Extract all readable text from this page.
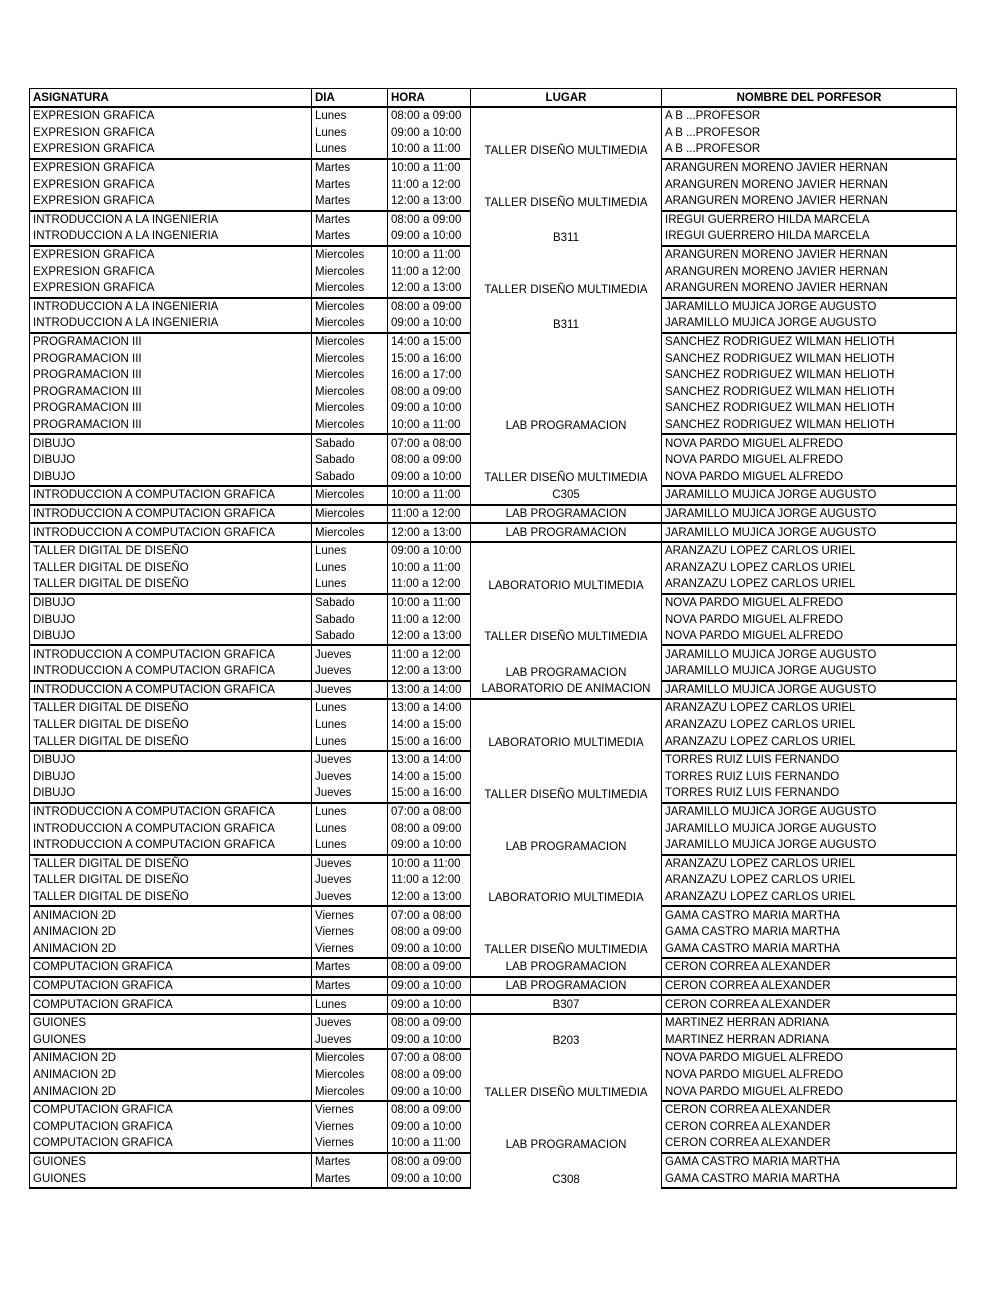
ASIGNATURA	DIA	HORA	LUGAR	NOMBRE DEL PORFESOR
EXPRESION GRAFICA	Lunes	08:00 a 09:00	TALLER DISEÑO MULTIMEDIA	A B ...PROFESOR
EXPRESION GRAFICA	Lunes	09:00 a 10:00		A B ...PROFESOR
EXPRESION GRAFICA	Lunes	10:00 a 11:00		A B ...PROFESOR
EXPRESION GRAFICA	Martes	10:00 a 11:00	TALLER DISEÑO MULTIMEDIA	ARANGUREN MORENO JAVIER HERNAN
EXPRESION GRAFICA	Martes	11:00 a 12:00		ARANGUREN MORENO JAVIER HERNAN
EXPRESION GRAFICA	Martes	12:00 a 13:00		ARANGUREN MORENO JAVIER HERNAN
INTRODUCCION A LA INGENIERIA	Martes	08:00 a 09:00	B311	IREGUI GUERRERO HILDA MARCELA
INTRODUCCION A LA INGENIERIA	Martes	09:00 a 10:00		IREGUI GUERRERO HILDA MARCELA
EXPRESION GRAFICA	Miercoles	10:00 a 11:00	TALLER DISEÑO MULTIMEDIA	ARANGUREN MORENO JAVIER HERNAN
EXPRESION GRAFICA	Miercoles	11:00 a 12:00		ARANGUREN MORENO JAVIER HERNAN
EXPRESION GRAFICA	Miercoles	12:00 a 13:00		ARANGUREN MORENO JAVIER HERNAN
INTRODUCCION A LA INGENIERIA	Miercoles	08:00 a 09:00	B311	JARAMILLO MUJICA JORGE AUGUSTO
INTRODUCCION A LA INGENIERIA	Miercoles	09:00 a 10:00		JARAMILLO MUJICA JORGE AUGUSTO
PROGRAMACION III	Miercoles	14:00 a 15:00	LAB PROGRAMACION	SANCHEZ RODRIGUEZ WILMAN HELIOTH
PROGRAMACION III	Miercoles	15:00 a 16:00		SANCHEZ RODRIGUEZ WILMAN HELIOTH
PROGRAMACION III	Miercoles	16:00 a 17:00		SANCHEZ RODRIGUEZ WILMAN HELIOTH
PROGRAMACION III	Miercoles	08:00 a 09:00		SANCHEZ RODRIGUEZ WILMAN HELIOTH
PROGRAMACION III	Miercoles	09:00 a 10:00		SANCHEZ RODRIGUEZ WILMAN HELIOTH
PROGRAMACION III	Miercoles	10:00 a 11:00		SANCHEZ RODRIGUEZ WILMAN HELIOTH
DIBUJO	Sabado	07:00 a 08:00	TALLER DISEÑO MULTIMEDIA	NOVA PARDO MIGUEL ALFREDO
DIBUJO	Sabado	08:00 a 09:00		NOVA PARDO MIGUEL ALFREDO
DIBUJO	Sabado	09:00 a 10:00		NOVA PARDO MIGUEL ALFREDO
INTRODUCCION A COMPUTACION GRAFICA	Miercoles	10:00 a 11:00	C305	JARAMILLO MUJICA JORGE AUGUSTO
INTRODUCCION A COMPUTACION GRAFICA	Miercoles	11:00 a 12:00	LAB PROGRAMACION	JARAMILLO MUJICA JORGE AUGUSTO
INTRODUCCION A COMPUTACION GRAFICA	Miercoles	12:00 a 13:00	LAB PROGRAMACION	JARAMILLO MUJICA JORGE AUGUSTO
TALLER DIGITAL DE DISEÑO	Lunes	09:00 a 10:00	LABORATORIO MULTIMEDIA	ARANZAZU LOPEZ CARLOS URIEL
TALLER DIGITAL DE DISEÑO	Lunes	10:00 a 11:00		ARANZAZU LOPEZ CARLOS URIEL
TALLER DIGITAL DE DISEÑO	Lunes	11:00 a 12:00		ARANZAZU LOPEZ CARLOS URIEL
DIBUJO	Sabado	10:00 a 11:00	TALLER DISEÑO MULTIMEDIA	NOVA PARDO MIGUEL ALFREDO
DIBUJO	Sabado	11:00 a 12:00		NOVA PARDO MIGUEL ALFREDO
DIBUJO	Sabado	12:00 a 13:00		NOVA PARDO MIGUEL ALFREDO
INTRODUCCION A COMPUTACION GRAFICA	Jueves	11:00 a 12:00	LAB PROGRAMACION	JARAMILLO MUJICA JORGE AUGUSTO
INTRODUCCION A COMPUTACION GRAFICA	Jueves	12:00 a 13:00		JARAMILLO MUJICA JORGE AUGUSTO
INTRODUCCION A COMPUTACION GRAFICA	Jueves	13:00 a 14:00	LABORATORIO DE ANIMACION	JARAMILLO MUJICA JORGE AUGUSTO
TALLER DIGITAL DE DISEÑO	Lunes	13:00 a 14:00	LABORATORIO MULTIMEDIA	ARANZAZU LOPEZ CARLOS URIEL
TALLER DIGITAL DE DISEÑO	Lunes	14:00 a 15:00		ARANZAZU LOPEZ CARLOS URIEL
TALLER DIGITAL DE DISEÑO	Lunes	15:00 a 16:00		ARANZAZU LOPEZ CARLOS URIEL
DIBUJO	Jueves	13:00 a 14:00	TALLER DISEÑO MULTIMEDIA	TORRES RUIZ LUIS FERNANDO
DIBUJO	Jueves	14:00 a 15:00		TORRES RUIZ LUIS FERNANDO
DIBUJO	Jueves	15:00 a 16:00		TORRES RUIZ LUIS FERNANDO
INTRODUCCION A COMPUTACION GRAFICA	Lunes	07:00 a 08:00	LAB PROGRAMACION	JARAMILLO MUJICA JORGE AUGUSTO
INTRODUCCION A COMPUTACION GRAFICA	Lunes	08:00 a 09:00		JARAMILLO MUJICA JORGE AUGUSTO
INTRODUCCION A COMPUTACION GRAFICA	Lunes	09:00 a 10:00		JARAMILLO MUJICA JORGE AUGUSTO
TALLER DIGITAL DE DISEÑO	Jueves	10:00 a 11:00	LABORATORIO MULTIMEDIA	ARANZAZU LOPEZ CARLOS URIEL
TALLER DIGITAL DE DISEÑO	Jueves	11:00 a 12:00		ARANZAZU LOPEZ CARLOS URIEL
TALLER DIGITAL DE DISEÑO	Jueves	12:00 a 13:00		ARANZAZU LOPEZ CARLOS URIEL
ANIMACION 2D	Viernes	07:00 a 08:00	TALLER DISEÑO MULTIMEDIA	GAMA CASTRO MARIA MARTHA
ANIMACION 2D	Viernes	08:00 a 09:00		GAMA CASTRO MARIA MARTHA
ANIMACION 2D	Viernes	09:00 a 10:00		GAMA CASTRO MARIA MARTHA
COMPUTACION GRAFICA	Martes	08:00 a 09:00	LAB PROGRAMACION	CERON CORREA ALEXANDER
COMPUTACION GRAFICA	Martes	09:00 a 10:00	LAB PROGRAMACION	CERON CORREA ALEXANDER
COMPUTACION GRAFICA	Lunes	09:00 a 10:00	B307	CERON CORREA ALEXANDER
GUIONES	Jueves	08:00 a 09:00	B203	MARTINEZ HERRAN ADRIANA
GUIONES	Jueves	09:00 a 10:00		MARTINEZ HERRAN ADRIANA
ANIMACION 2D	Miercoles	07:00 a 08:00	TALLER DISEÑO MULTIMEDIA	NOVA PARDO MIGUEL ALFREDO
ANIMACION 2D	Miercoles	08:00 a 09:00		NOVA PARDO MIGUEL ALFREDO
ANIMACION 2D	Miercoles	09:00 a 10:00		NOVA PARDO MIGUEL ALFREDO
COMPUTACION GRAFICA	Viernes	08:00 a 09:00	LAB PROGRAMACION	CERON CORREA ALEXANDER
COMPUTACION GRAFICA	Viernes	09:00 a 10:00		CERON CORREA ALEXANDER
COMPUTACION GRAFICA	Viernes	10:00 a 11:00		CERON CORREA ALEXANDER
GUIONES	Martes	08:00 a 09:00	C308	GAMA CASTRO MARIA MARTHA
GUIONES	Martes	09:00 a 10:00		GAMA CASTRO MARIA MARTHA
